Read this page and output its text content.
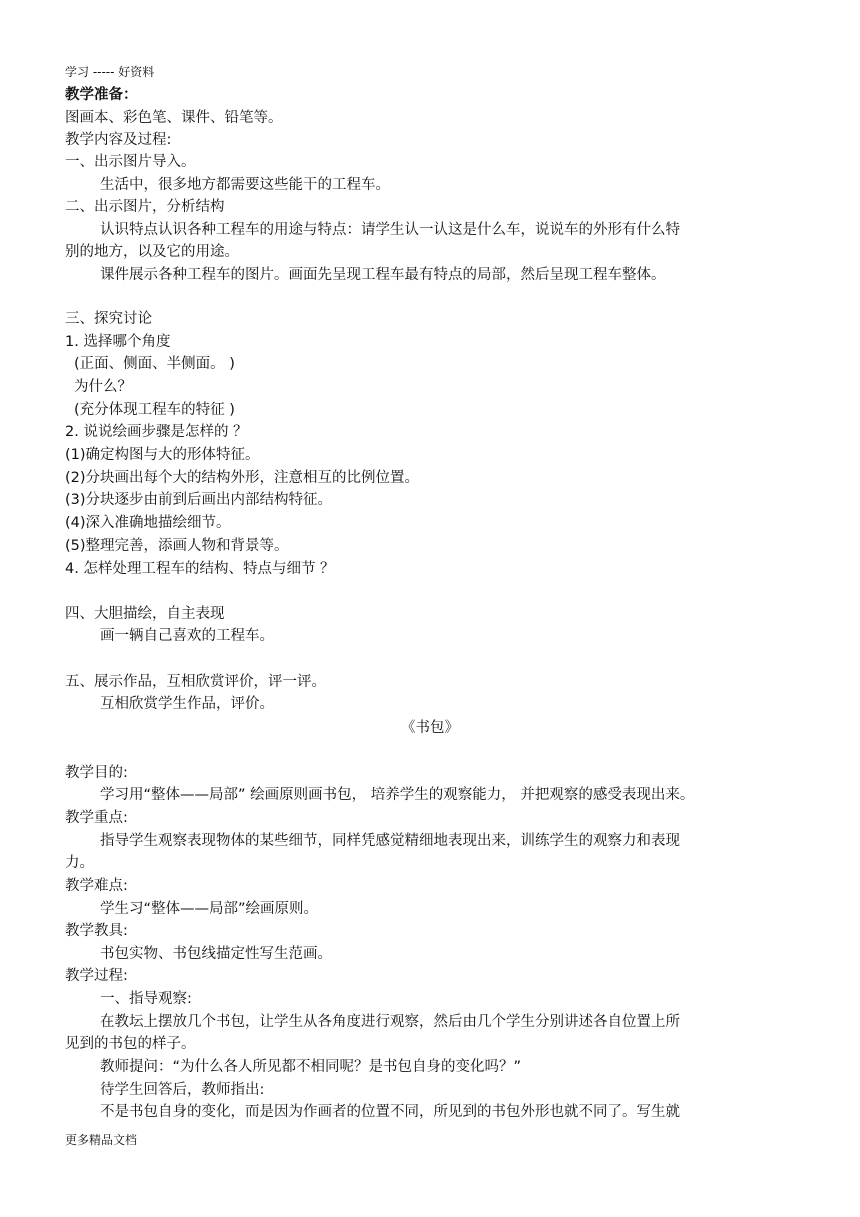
学习 ----- 好资料
教学准备：
图画本、彩色笔、课件、铅笔等。
教学内容及过程:
一、出示图片导入。
生活中，很多地方都需要这些能干的工程车。
二、出示图片，分析结构
认识特点认识各种工程车的用途与特点：请学生认一认这是什么车，说说车的外形有什么特
别的地方，以及它的用途。
课件展示各种工程车的图片。画面先呈现工程车最有特点的局部，然后呈现工程车整体。
三、探究讨论
1. 选择哪个角度
(正面、侧面、半侧面。 )
为什么？
(充分体现工程车的特征 )
2. 说说绘画步骤是怎样的 ？
(1)确定构图与大的形体特征。
(2)分块画出每个大的结构外形，注意相互的比例位置。
(3)分块逐步由前到后画出内部结构特征。
(4)深入准确地描绘细节。
(5)整理完善，添画人物和背景等。
4. 怎样处理工程车的结构、特点与细节 ？
四、大胆描绘，自主表现
画一辆自己喜欢的工程车。
五、展示作品，互相欣赏评价，评一评。
互相欣赏学生作品，评价。
《书包》
教学目的:
学习用“整体——局部” 绘画原则画书包， 培养学生的观察能力， 并把观察的感受表现出来。
教学重点:
指导学生观察表现物体的某些细节，同样凭感觉精细地表现出来，训练学生的观察力和表现
力。
教学难点:
学生习“整体——局部”绘画原则。
教学教具:
书包实物、书包线描定性写生范画。
教学过程:
一、指导观察:
在教坛上摆放几个书包，让学生从各角度进行观察，然后由几个学生分别讲述各自位置上所
见到的书包的样子。
教师提问：“为什么各人所见都不相同呢？是书包自身的变化吗？”
待学生回答后，教师指出:
不是书包自身的变化，而是因为作画者的位置不同，所见到的书包外形也就不同了。写生就
更多精品文档
